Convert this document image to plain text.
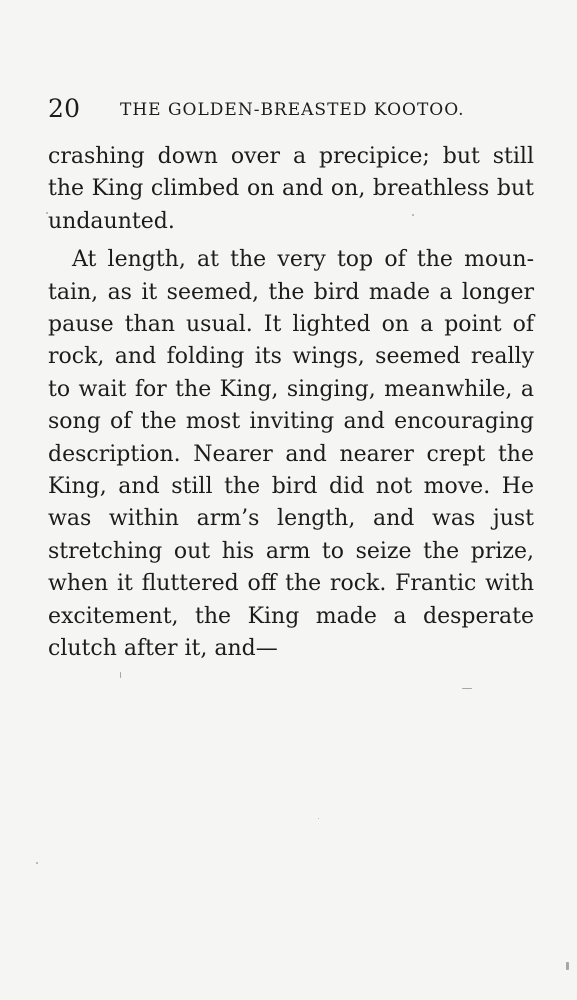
20 THE GOLDEN-BREASTED KOOTOO.

crashing down over a precipice; but still the King climbed on and on, breathless but undaunted.

At length, at the very top of the mountain, as it seemed, the bird made a longer pause than usual. It lighted on a point of rock, and folding its wings, seemed really to wait for the King, singing, meanwhile, a song of the most inviting and encouraging description. Nearer and nearer crept the King, and still the bird did not move. He was within arm’s length, and was just stretching out his arm to seize the prize, when it fluttered off the rock. Frantic with excitement, the King made a desperate clutch after it, and—
